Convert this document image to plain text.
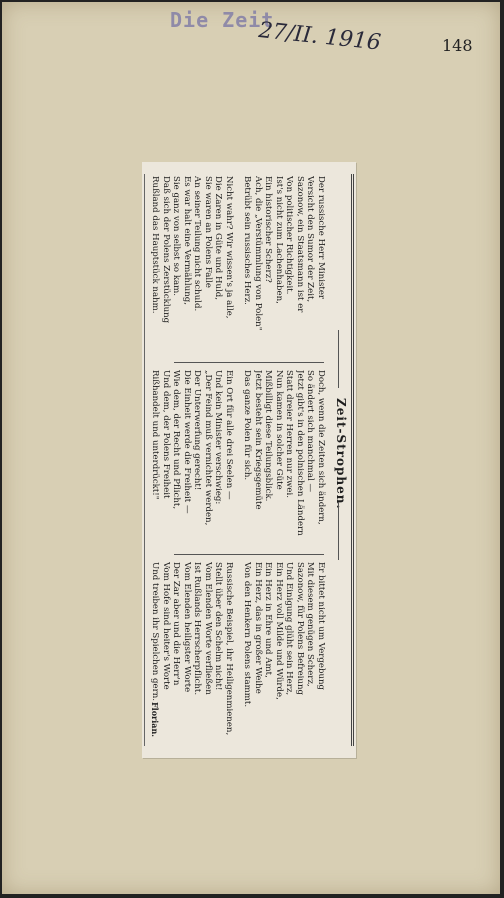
Die Zeit
27/II. 1916	148
Zeit-Strophen.
Der russische Herr Minister
Versicht den Sumor der Zeit,
Sazonow, ein Staatsmann ist er
Von politischer Richtigkeit.
Ist's nicht zum Lachenhaben,
Ein historischer Scherz?
Ach, die „Verstümmlung von Polen"
Betrübt sein russisches Herz.
Nicht wahr? Wir wissen's ja alle,
Die Zaren in Güte und Huld,
Sie waren an Polens Falle
An seiner Teilung nicht schuld.
Es war halt eine Vermählung,
Sie ganz von selbst so kam.
Daß sich der Polens Zerstücklung
Rußland das Hauptstück nahm.
Doch, wenn die Zeiten sich ändern,
So ändert sich manchmal —
Jetzt gibt's in den polnischen Ländern
Statt dreier Herren nur zwei.
Nun kamen in solcher Güte
Mißbilligt diese Teilungsblick.
Jetzt besteht sein Kriegsgemüte
Das ganze Polen für sich.
Ein Ort für alle drei Seelen —
Und kein Minister verschwieg:
„Der Feind muß vernichtet werden,
Der Unterwerfung gerecht!
Die Einheit werde die Freiheit —
Wie dem, der Recht und Pflicht,
Und dem, der Polens Freiheit
Rißhandelt und unterdrückt!"
Er bittet nicht um Vergebung
Mit diesem genügen Scherz,
Sazonow, für Polens Befreiung
Und Einigung glüht sein Herz,
Ein Herz voll Milde und Würde,
Ein Herz in Ehre und Amt,
Ein Herz, das in großer Weihe
Von den Henkern Polens stammt.
Russische Beispiel, ihr Heiligenmienen,
Stellt über den Schelm nicht!
Vom Elenden Worte verfließen
Ist Rußlands Herrscherpflicht.
Vom Elenden heiligster Worte
Der Zar aber und die Herr'n
Vom Hofe sind heiter's Worte
Und treiben ihr Spielchen gern.
Florian.
